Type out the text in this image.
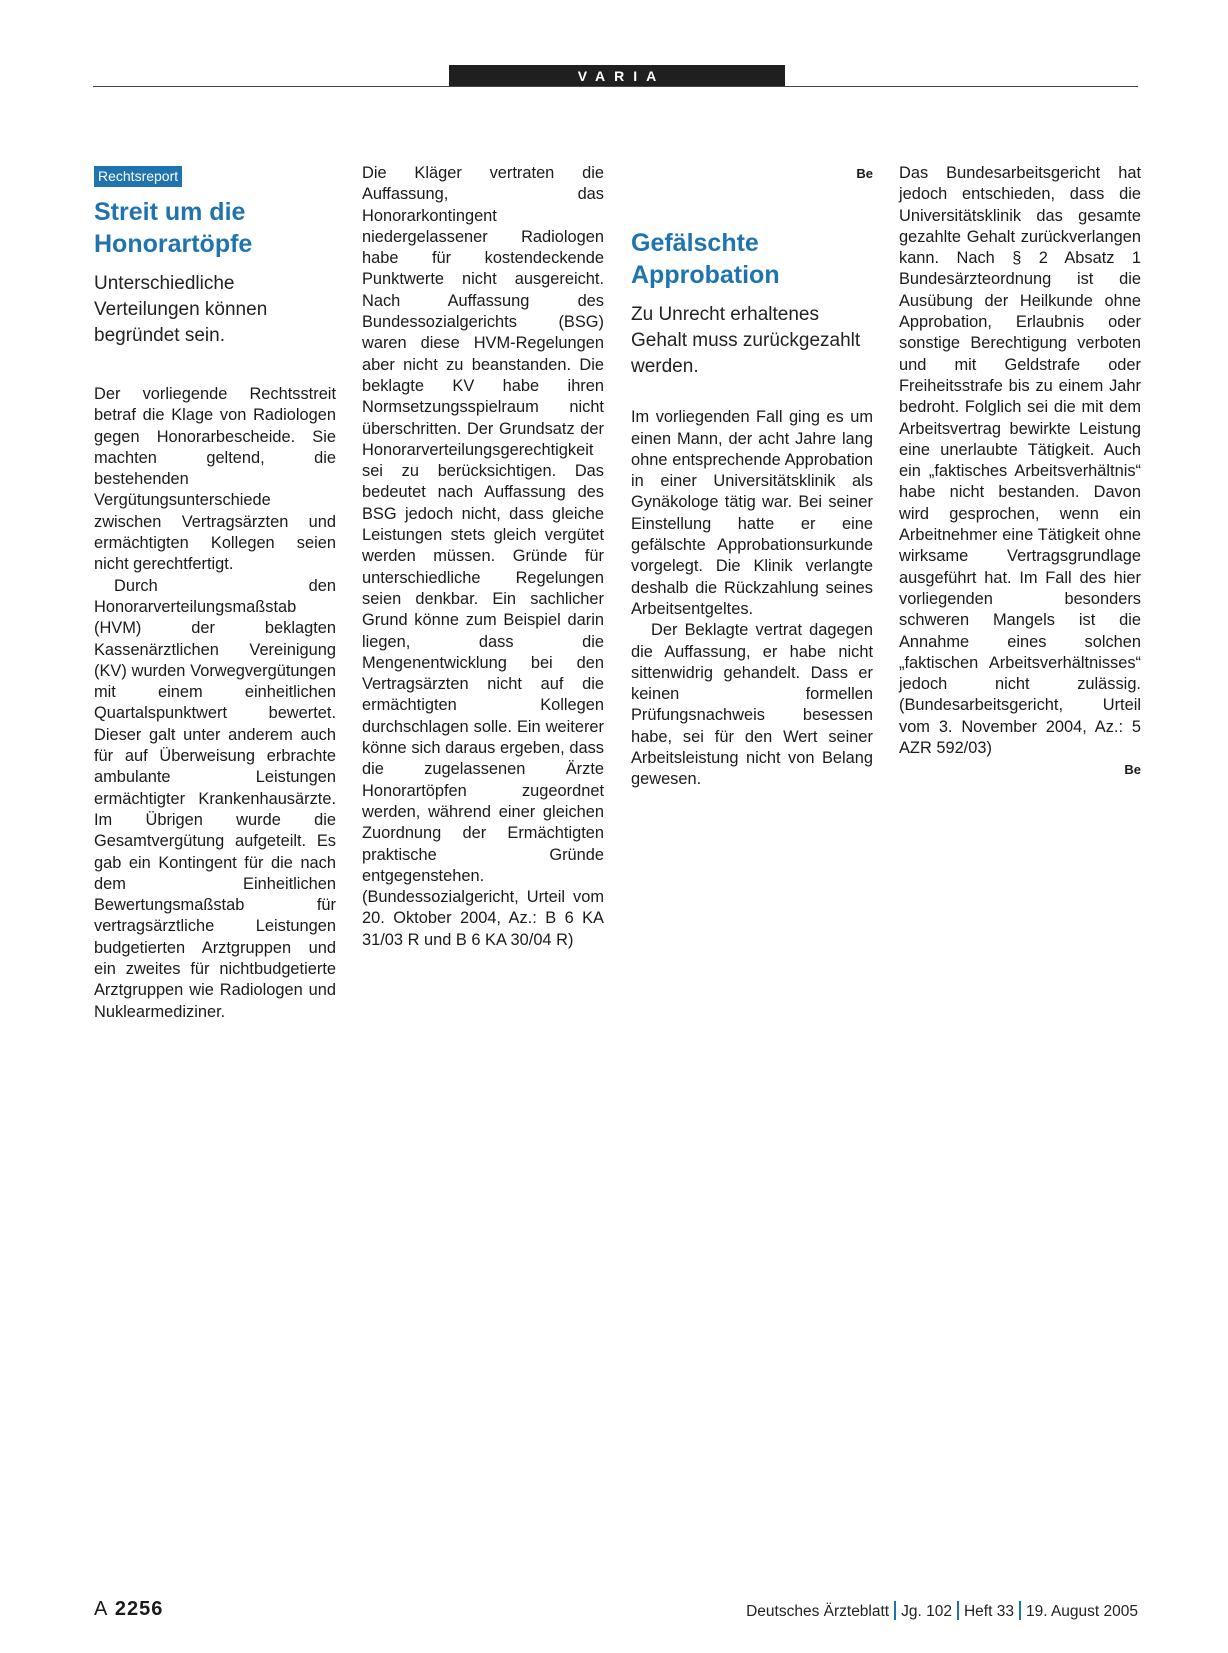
VARIA
Rechtsreport
Streit um die Honorartöpfe
Unterschiedliche Verteilungen können begründet sein.

Der vorliegende Rechtsstreit betraf die Klage von Radiologen gegen Honorarbescheide. Sie machten geltend, die bestehenden Vergütungsunterschiede zwischen Vertragsärzten und ermächtigten Kollegen seien nicht gerechtfertigt.

Durch den Honorarverteilungsmaßstab (HVM) der beklagten Kassenärztlichen Vereinigung (KV) wurden Vorwegvergütungen mit einem einheitlichen Quartalspunktwert bewertet. Dieser galt unter anderem auch für auf Überweisung erbrachte ambulante Leistungen ermächtigter Krankenhausärzte. Im Übrigen wurde die Gesamtvergütung aufgeteilt. Es gab ein Kontingent für die nach dem Einheitlichen Bewertungsmaßstab für vertragsärztliche Leistungen budgetierten Arztgruppen und ein zweites für nichtbudgetierte Arztgruppen wie Radiologen und Nuklearmediziner.

Die Kläger vertraten die Auffassung, das Honorarkontingent niedergelassener Radiologen habe für kostendeckende Punktwerte nicht ausgereicht. Nach Auffassung des Bundessozialgerichts (BSG) waren diese HVM-Regelungen aber nicht zu beanstanden. Die beklagte KV habe ihren Normsetzungsspielraum nicht überschritten. Der Grundsatz der Honorarverteilungsgerechtigkeit sei zu berücksichtigen. Das bedeutet nach Auffassung des BSG jedoch nicht, dass gleiche Leistungen stets gleich vergütet werden müssen. Gründe für unterschiedliche Regelungen seien denkbar. Ein sachlicher Grund könne zum Beispiel darin liegen, dass die Mengenentwicklung bei den Vertragsärzten nicht auf die ermächtigten Kollegen durchschlagen solle. Ein weiterer könne sich daraus ergeben, dass die zugelassenen Ärzte Honorartöpfen zugeordnet werden, während einer gleichen Zuordnung der Ermächtigten praktische Gründe entgegenstehen. (Bundessozialgericht, Urteil vom 20. Oktober 2004, Az.: B 6 KA 31/03 R und B 6 KA 30/04 R)

Be
Gefälschte Approbation
Zu Unrecht erhaltenes Gehalt muss zurückgezahlt werden.

Im vorliegenden Fall ging es um einen Mann, der acht Jahre lang ohne entsprechende Approbation in einer Universitätsklinik als Gynäkologe tätig war. Bei seiner Einstellung hatte er eine gefälschte Approbationsurkunde vorgelegt. Die Klinik verlangte deshalb die Rückzahlung seines Arbeitsentgeltes.

Der Beklagte vertrat dagegen die Auffassung, er habe nicht sittenwidrig gehandelt. Dass er keinen formellen Prüfungsnachweis besessen habe, sei für den Wert seiner Arbeitsleistung nicht von Belang gewesen.

Das Bundesarbeitsgericht hat jedoch entschieden, dass die Universitätsklinik das gesamte gezahlte Gehalt zurückverlangen kann. Nach § 2 Absatz 1 Bundesärzteordnung ist die Ausübung der Heilkunde ohne Approbation, Erlaubnis oder sonstige Berechtigung verboten und mit Geldstrafe oder Freiheitsstrafe bis zu einem Jahr bedroht. Folglich sei die mit dem Arbeitsvertrag bewirkte Leistung eine unerlaubte Tätigkeit. Auch ein „faktisches Arbeitsverhältnis“ habe nicht bestanden. Davon wird gesprochen, wenn ein Arbeitnehmer eine Tätigkeit ohne wirksame Vertragsgrundlage ausgeführt hat. Im Fall des hier vorliegenden besonders schweren Mangels ist die Annahme eines solchen „faktischen Arbeitsverhältnisses“ jedoch nicht zulässig. (Bundesarbeitsgericht, Urteil vom 3. November 2004, Az.: 5 AZR 592/03)

Be
A 2256	Deutsches Ärzteblatt Jg. 102 Heft 33 19. August 2005
